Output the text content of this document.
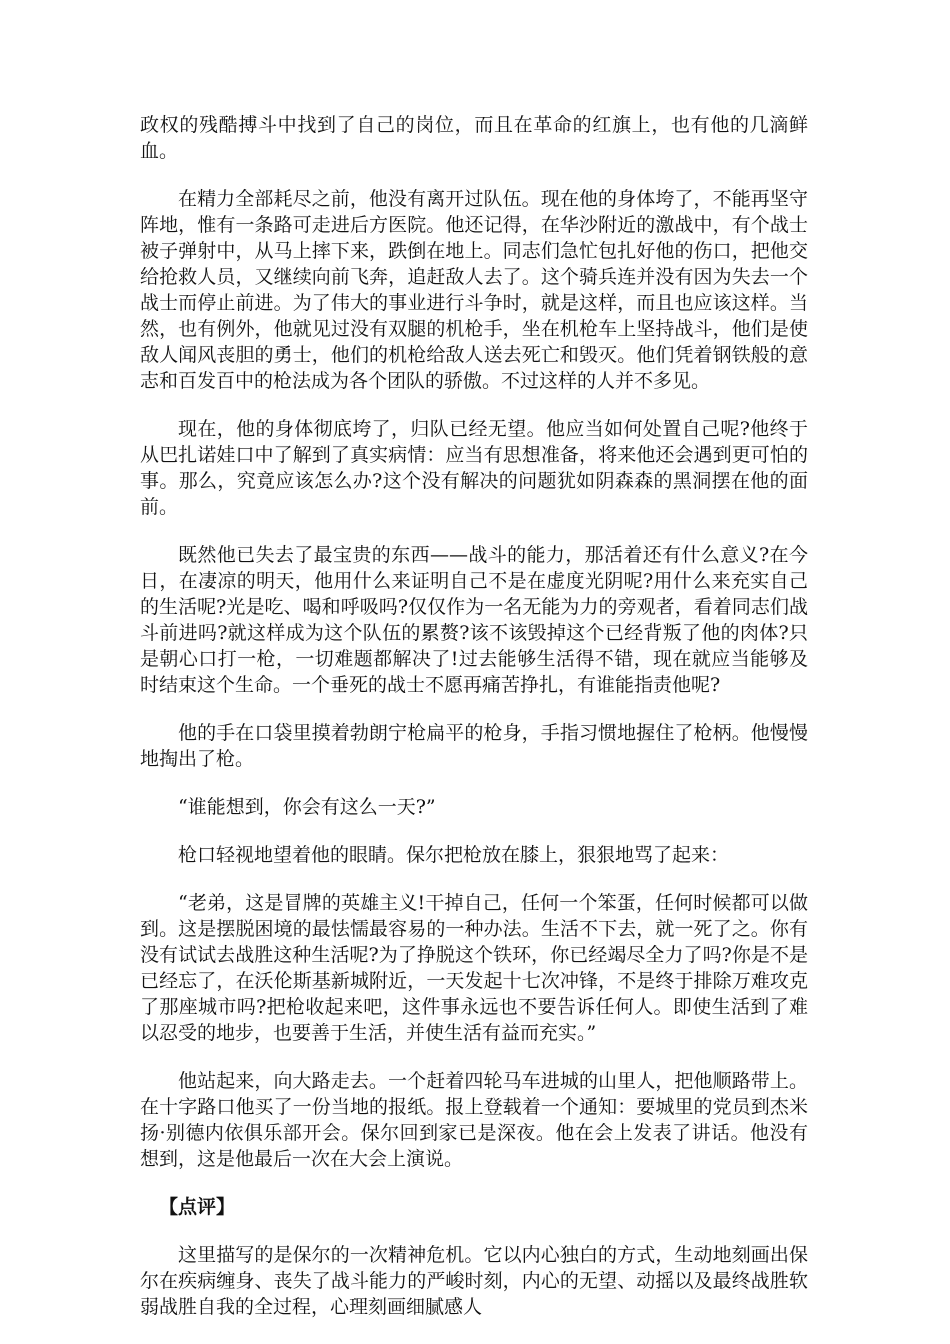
政权的残酷搏斗中找到了自己的岗位，而且在革命的红旗上，也有他的几滴鲜血。

在精力全部耗尽之前，他没有离开过队伍。现在他的身体垮了，不能再坚守阵地，惟有一条路可走进后方医院。他还记得，在华沙附近的激战中，有个战士被子弹射中，从马上摔下来，跌倒在地上。同志们急忙包扎好他的伤口，把他交给抢救人员，又继续向前飞奔，追赶敌人去了。这个骑兵连并没有因为失去一个战士而停止前进。为了伟大的事业进行斗争时，就是这样，而且也应该这样。当然，也有例外，他就见过没有双腿的机枪手，坐在机枪车上坚持战斗，他们是使敌人闻风丧胆的勇士，他们的机枪给敌人送去死亡和毁灭。他们凭着钢铁般的意志和百发百中的枪法成为各个团队的骄傲。不过这样的人并不多见。

现在，他的身体彻底垮了，归队已经无望。他应当如何处置自己呢?他终于从巴扎诺娃口中了解到了真实病情：应当有思想准备，将来他还会遇到更可怕的事。那么，究竟应该怎么办?这个没有解决的问题犹如阴森森的黑洞摆在他的面前。

既然他已失去了最宝贵的东西——战斗的能力，那活着还有什么意义?在今日，在凄凉的明天，他用什么来证明自己不是在虚度光阴呢?用什么来充实自己的生活呢?光是吃、喝和呼吸吗?仅仅作为一名无能为力的旁观者，看着同志们战斗前进吗?就这样成为这个队伍的累赘?该不该毁掉这个已经背叛了他的肉体?只是朝心口打一枪，一切难题都解决了!过去能够生活得不错，现在就应当能够及时结束这个生命。一个垂死的战士不愿再痛苦挣扎，有谁能指责他呢?

他的手在口袋里摸着勃朗宁枪扁平的枪身，手指习惯地握住了枪柄。他慢慢地掏出了枪。

“谁能想到，你会有这么一天?”

枪口轻视地望着他的眼睛。保尔把枪放在膝上，狠狠地骂了起来：

“老弟，这是冒牌的英雄主义!干掉自己，任何一个笨蛋，任何时候都可以做到。这是摆脱困境的最怯懦最容易的一种办法。生活不下去，就一死了之。你有没有试试去战胜这种生活呢?为了挣脱这个铁环，你已经竭尽全力了吗?你是不是已经忘了，在沃伦斯基新城附近，一天发起十七次冲锋，不是终于排除万难攻克了那座城市吗?把枪收起来吧，这件事永远也不要告诉任何人。即使生活到了难以忍受的地步，也要善于生活，并使生活有益而充实。”

他站起来，向大路走去。一个赶着四轮马车进城的山里人，把他顺路带上。在十字路口他买了一份当地的报纸。报上登载着一个通知：要城里的党员到杰米扬·别德内依俱乐部开会。保尔回到家已是深夜。他在会上发表了讲话。他没有想到，这是他最后一次在大会上演说。

【点评】

这里描写的是保尔的一次精神危机。它以内心独白的方式，生动地刻画出保尔在疾病缠身、丧失了战斗能力的严峻时刻，内心的无望、动摇以及最终战胜软弱战胜自我的全过程，心理刻画细腻感人
